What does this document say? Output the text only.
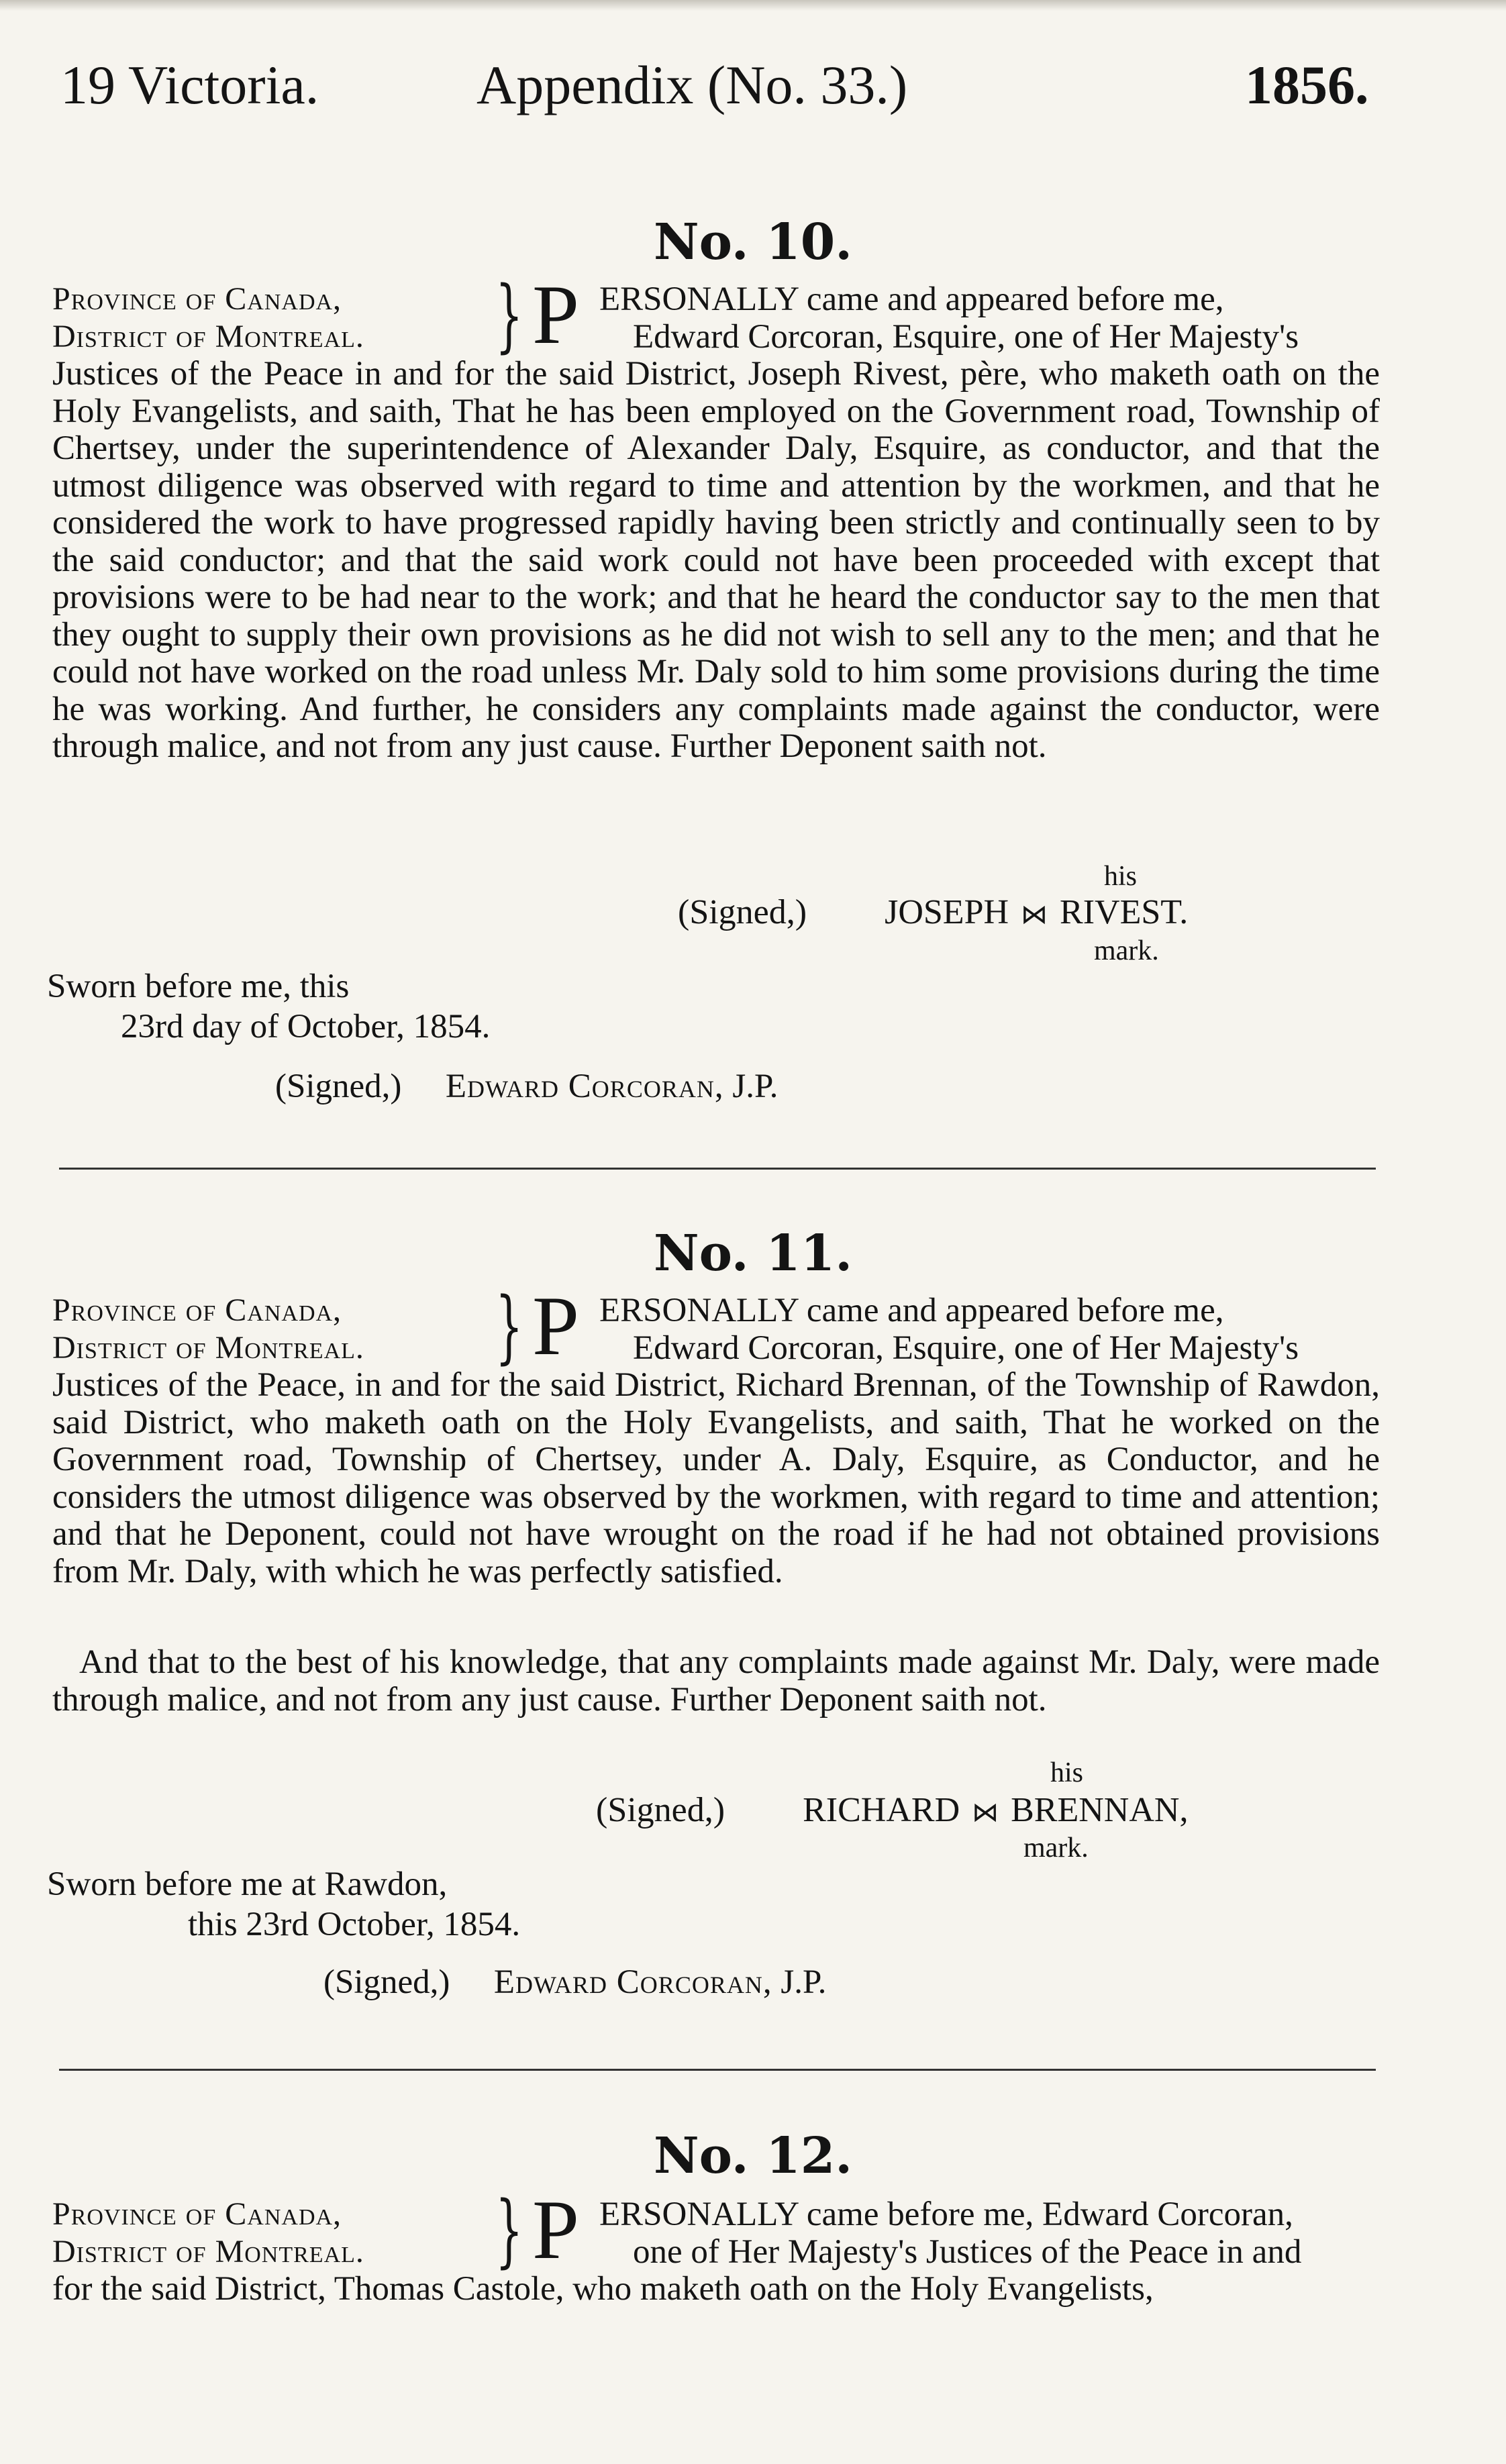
19 Victoria.	Appendix (No. 33.)	1856.
No. 10.
Province of Canada,
District of Montreal. } P ERSONALLY came and appeared before me,
Edward Corcoran, Esquire, one of Her Majesty's
Justices of the Peace in and for the said District, Joseph Rivest, père, who maketh oath on the Holy Evangelists, and saith, That he has been employed on the Government road, Township of Chertsey, under the superintendence of Alexander Daly, Esquire, as conductor, and that the utmost diligence was observed with regard to time and attention by the workmen, and that he considered the work to have progressed rapidly having been strictly and continually seen to by the said conductor; and that the said work could not have been proceeded with except that provisions were to be had near to the work; and that he heard the conductor say to the men that they ought to supply their own provisions as he did not wish to sell any to the men; and that he could not have worked on the road unless Mr. Daly sold to him some provisions during the time he was working. And further, he considers any complaints made against the conductor, were through malice, and not from any just cause. Further Deponent saith not.
his
(Signed,) JOSEPH ⋈ RIVEST.
mark.
Sworn before me, this
23rd day of October, 1854.
(Signed,) Edward Corcoran, J.P.
No. 11.
Province of Canada,
District of Montreal. } P ERSONALLY came and appeared before me,
Edward Corcoran, Esquire, one of Her Majesty's
Justices of the Peace, in and for the said District, Richard Brennan, of the Township of Rawdon, said District, who maketh oath on the Holy Evangelists, and saith, That he worked on the Government road, Township of Chertsey, under A. Daly, Esquire, as Conductor, and he considers the utmost diligence was observed by the workmen, with regard to time and attention; and that he Deponent, could not have wrought on the road if he had not obtained provisions from Mr. Daly, with which he was perfectly satisfied.
And that to the best of his knowledge, that any complaints made against Mr. Daly, were made through malice, and not from any just cause. Further Deponent saith not.
his
(Signed,) RICHARD ⋈ BRENNAN,
mark.
Sworn before me at Rawdon,
this 23rd October, 1854.
(Signed,) Edward Corcoran, J.P.
No. 12.
Province of Canada,
District of Montreal. } P ERSONALLY came before me, Edward Corcoran,
one of Her Majesty's Justices of the Peace in and
for the said District, Thomas Castole, who maketh oath on the Holy Evangelists,
